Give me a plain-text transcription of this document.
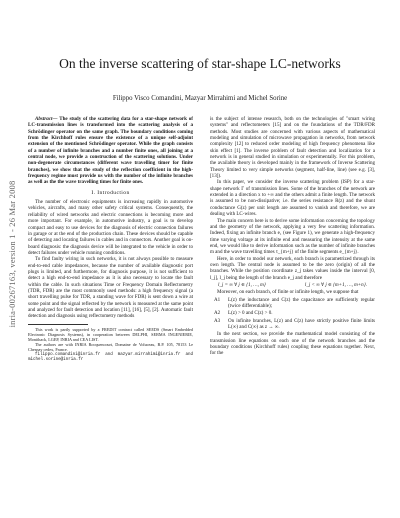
inria-00267163, version 1 - 26 Mar 2008
On the inverse scattering of star-shape LC-networks
Filippo Visco Comandini, Mazyar Mirrahimi and Michel Sorine

Abstract— The study of the scattering data for a star-shape network of LC-transmission lines is transformed into the scattering analysis of a Schrödinger operator on the same graph. The boundary conditions coming from the Kirchhoff rules ensure the existence of a unique self-adjoint extension of the mentioned Schrödinger operator. While the graph consists of a number of infinite branches and a number finite ones, all joining at a central node, we provide a construction of the scattering solutions. Under non-degenerate circumstances (different wave travelling timer for finite branches), we show that the study of the reflection coefficient in the high-frequency regime must provide us with the number of the infinite branches as well as the the wave travelling times for finite ones.

I. Introduction

The number of electronic equipments is increasing rapidly in automotive vehicles, aircrafts, and many other safety critical systems. Consequently, the reliability of wired networks and electric connections is becoming more and more important. For example, in automotive industry, a goal is to develop compact and easy to use devices for the diagnosis of electric connection failures in garage or at the end of the production chain. These devices should be capable of detecting and locating failures in cables and in connectors. Another goal is on-board diagnosis: the diagnosis device will be integrated to the vehicle in order to detect failures under vehicle running conditions.

To find faulty wiring in such networks, it is not always possible to measure end-to-end cable impedances, because the number of available diagnostic port plugs is limited, and furthermore, for diagnosis purpose, it is not sufficient to detect a high end-to-end impedance as it is also necessary to locate the fault within the cable. In such situations Time or Frequency Domain Reflectometry (TDR, FDR) are the most commonly used methods: a high frequency signal (a short travelling pulse for TDR, a standing wave for FDR) is sent down a wire at some point and the signal reflected by the network is measured at the same point and analyzed for fault detection and location [11], [16], [5], [2]. Automatic fault detection and diagnosis using reflectometry methods

This work is partly supported by a FREDIT contract called SEEDS (Smart Embedded Electronic Diagnosis Systems), in cooperation between DELPHI, SERMA INGENIERIE, Monithack, LGEP, INRIA and CEA LIST.

The authors are with INRIA Rocquencourt, Domaine de Voluceau, B.P. 105, 78153 Le Chesnay cedex, France.

filippo.comandini@inria.fr and mazyar.mirrahimi@inria.fr and michel.sorine@inria.fr

is the subject of intense research, both on the technologies of "smart wiring systems" and reflectometers [15] and on the foundations of the TDR/FDR methods. Most studies are concerned with various aspects of mathematical modeling and simulation of microwave propagation in networks, from network complexity [12] to reduced order modeling of high frequency phenomena like skin effect [1]. The inverse problem of fault detection and localization for a network is in general studied in simulation or experimentally. For this problem, the available theory is developed mainly in the framework of Inverse Scattering Theory limited to very simple networks (segment, half-line, line) (see e.g. [3], [13]).

In this paper, we consider the inverse scattering problem (ISP) for a star-shape network Γ of transmission lines. Some of the branches of the network are extended in a direction x to +∞ and the others admit a finite length. The network is assumed to be non-dissipative; i.e. the series resistance R(z) and the shunt conductance G(z) per unit length are assumed to vanish and therefore, we are dealing with LC-wires.

The main concern here is to derive some information concerning the topology and the geometry of the network, applying a very few scattering information. Indeed, fixing an infinite branch e₁ (see Figure 1), we generate a high-frequency time varying voltage at its infinite end and measuring the intensity at the same end, we would like to derive information such as the number of infinite branches m and the wave travelling times τ_{m+j} of the finite segments e_{m+j}.

Here, in order to model our network, each branch is parametrized through its own length. The central node is assumed to be the zero (origin) of all the branches. While the position coordinate z_j takes values inside the interval [0, l_j], l_j being the length of the branch e_j and therefore

l_j = ∞ ∀ j ∈ {1, …, m}	l_j < ∞ ∀ j ∈ {m+1, …, m+n}.

Moreover, on each branch, of finite or infinite length, we suppose that

A1	L(z) the inductance and C(z) the capacitance are sufficiently regular (twice differentiable);
A2	L(z) > 0 and C(z) > 0.
A3	On infinite branches, L(z) and C(z) have strictly positive finite limits L(∞) and C(∞) as z → ∞.

In the next section, we provide the mathematical model consisting of the transmission line equations on each one of the network branches and the boundary conditions (Kirchhoff rules) coupling these equations together. Next, for the
